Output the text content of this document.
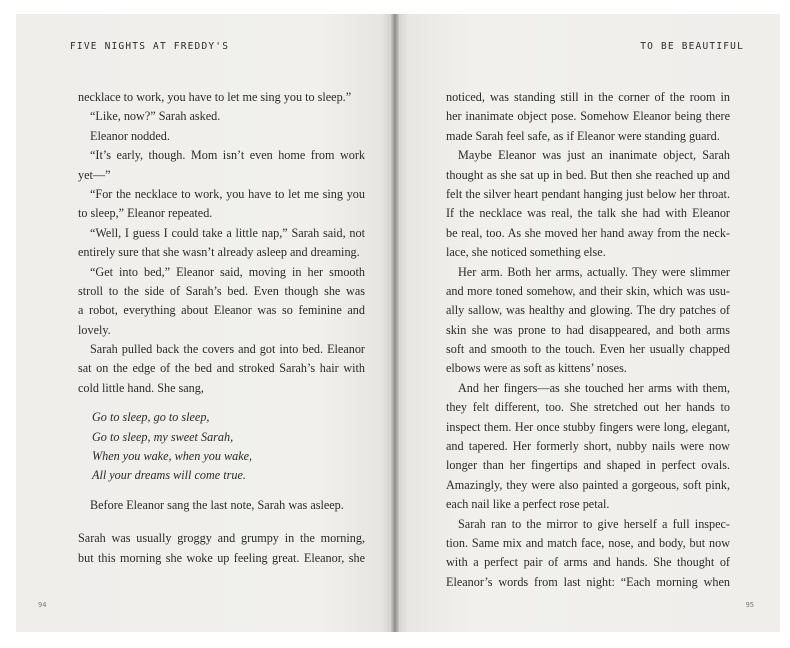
FIVE NIGHTS AT FREDDY'S
necklace to work, you have to let me sing you to sleep.”
“Like, now?” Sarah asked.
Eleanor nodded.
“It’s early, though. Mom isn’t even home from work
yet—”
“For the necklace to work, you have to let me sing you
to sleep,” Eleanor repeated.
“Well, I guess I could take a little nap,” Sarah said, not
entirely sure that she wasn’t already asleep and dreaming.
“Get into bed,” Eleanor said, moving in her smooth
stroll to the side of Sarah’s bed. Even though she was
a robot, everything about Eleanor was so feminine and
lovely.
Sarah pulled back the covers and got into bed. Eleanor
sat on the edge of the bed and stroked Sarah’s hair with
cold little hand. She sang,
Go to sleep, go to sleep,
Go to sleep, my sweet Sarah,
When you wake, when you wake,
All your dreams will come true.
Before Eleanor sang the last note, Sarah was asleep.
Sarah was usually groggy and grumpy in the morning,
but this morning she woke up feeling great. Eleanor, she
94
TO BE BEAUTIFUL
noticed, was standing still in the corner of the room in
her inanimate object pose. Somehow Eleanor being there
made Sarah feel safe, as if Eleanor were standing guard.
Maybe Eleanor was just an inanimate object, Sarah
thought as she sat up in bed. But then she reached up and
felt the silver heart pendant hanging just below her throat.
If the necklace was real, the talk she had with Eleanor
be real, too. As she moved her hand away from the neck-
lace, she noticed something else.
Her arm. Both her arms, actually. They were slimmer
and more toned somehow, and their skin, which was usu-
ally sallow, was healthy and glowing. The dry patches of
skin she was prone to had disappeared, and both arms
soft and smooth to the touch. Even her usually chapped
elbows were as soft as kittens’ noses.
And her fingers—as she touched her arms with them,
they felt different, too. She stretched out her hands to
inspect them. Her once stubby fingers were long, elegant,
and tapered. Her formerly short, nubby nails were now
longer than her fingertips and shaped in perfect ovals.
Amazingly, they were also painted a gorgeous, soft pink,
each nail like a perfect rose petal.
Sarah ran to the mirror to give herself a full inspec-
tion. Same mix and match face, nose, and body, but now
with a perfect pair of arms and hands. She thought of
Eleanor’s words from last night: “Each morning when
95
